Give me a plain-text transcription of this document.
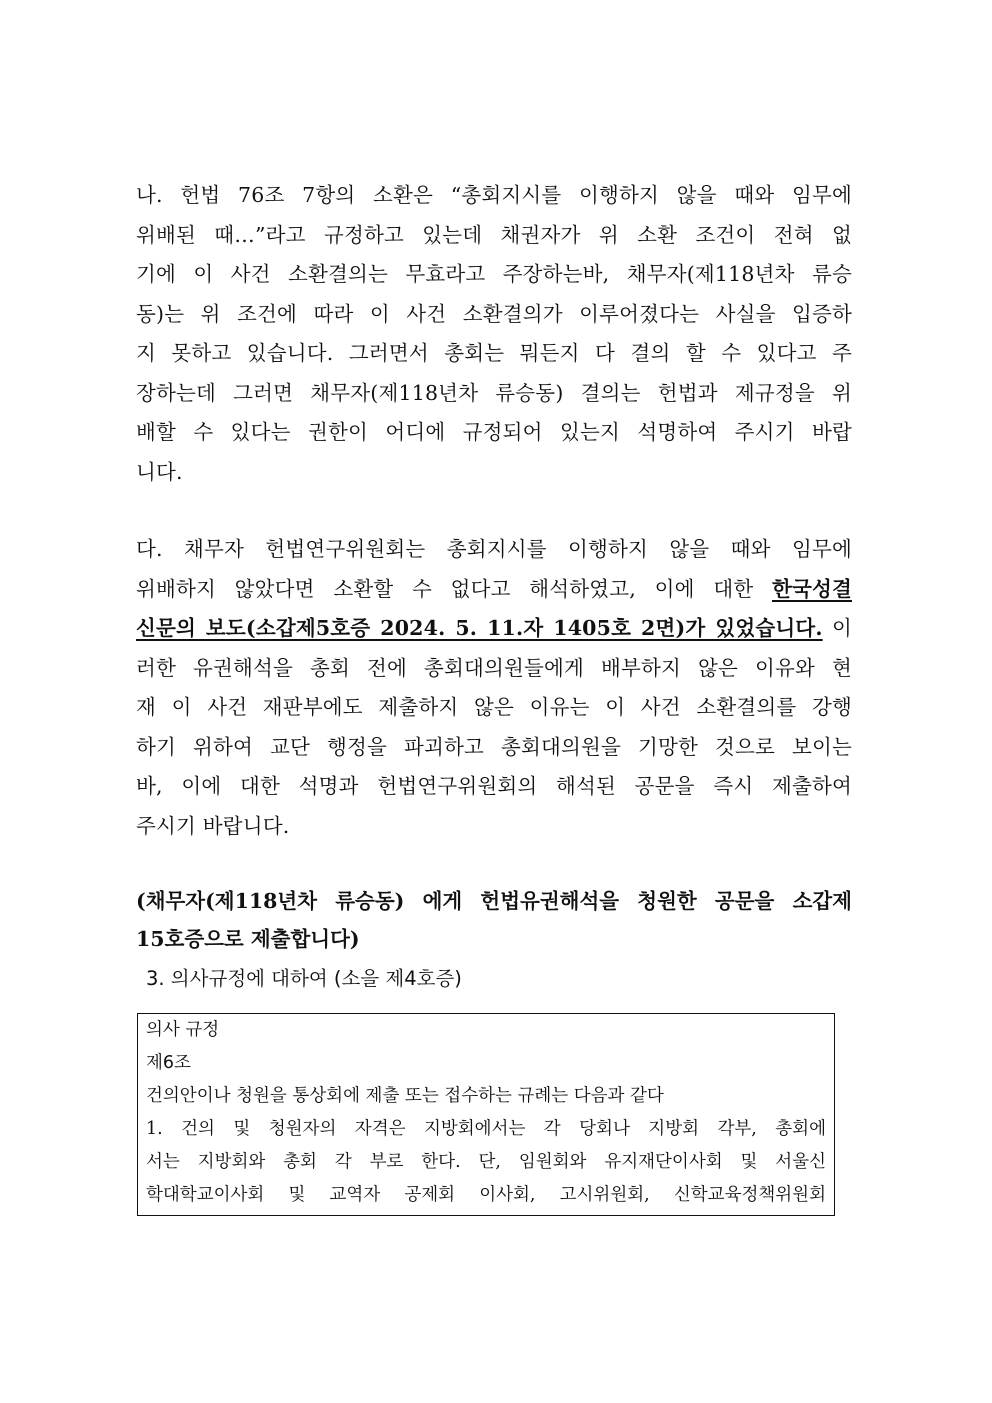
나. 헌법 76조 7항의 소환은 “총회지시를 이행하지 않을 때와 임무에
위배된 때…”라고 규정하고 있는데 채권자가 위 소환 조건이 전혀 없
기에 이 사건 소환결의는 무효라고 주장하는바, 채무자(제118년차 류승
동)는 위 조건에 따라 이 사건 소환결의가 이루어졌다는 사실을 입증하
지 못하고 있습니다. 그러면서 총회는 뭐든지 다 결의 할 수 있다고 주
장하는데 그러면 채무자(제118년차 류승동) 결의는 헌법과 제규정을 위
배할 수 있다는 권한이 어디에 규정되어 있는지 석명하여 주시기 바랍
니다.
다. 채무자 헌법연구위원회는 총회지시를 이행하지 않을 때와 임무에
위배하지 않았다면 소환할 수 없다고 해석하였고, 이에 대한 한국성결
신문의 보도(소갑제5호증 2024. 5. 11.자 1405호 2면)가 있었습니다. 이
러한 유권해석을 총회 전에 총회대의원들에게 배부하지 않은 이유와 현
재 이 사건 재판부에도 제출하지 않은 이유는 이 사건 소환결의를 강행
하기 위하여 교단 행정을 파괴하고 총회대의원을 기망한 것으로 보이는
바, 이에 대한 석명과 헌법연구위원회의 해석된 공문을 즉시 제출하여
주시기 바랍니다.
(채무자(제118년차 류승동) 에게 헌법유권해석을 청원한 공문을 소갑제
15호증으로 제출합니다)
3. 의사규정에 대하여 (소을 제4호증)
의사 규정
제6조
건의안이나 청원을 통상회에 제출 또는 접수하는 규례는 다음과 같다
1. 건의 및 청원자의 자격은 지방회에서는 각 당회나 지방회 각부, 총회에
서는 지방회와 총회 각 부로 한다. 단, 임원회와 유지재단이사회 및 서울신
학대학교이사회 및 교역자 공제회 이사회, 고시위원회, 신학교육정책위원회
